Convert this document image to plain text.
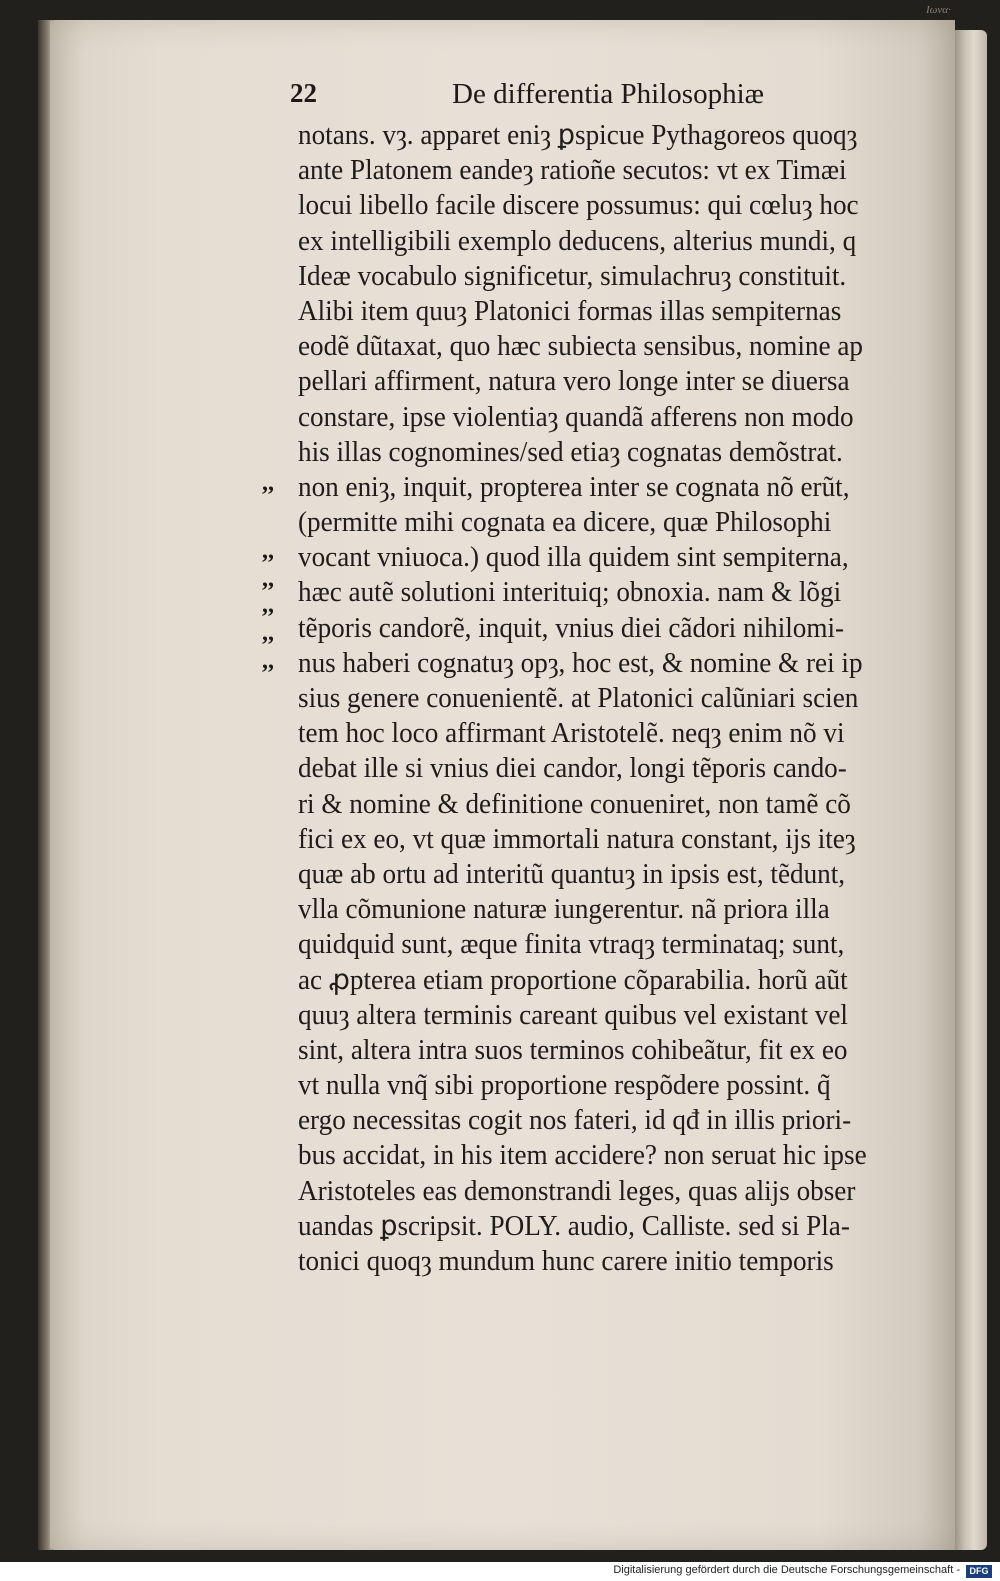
Ιωνα·
22	De differentia Philosophiæ
,,
,,
,,
,,
,,
,,
notans. vȝ. apparet eniȝ ꝑspicue Pythagoreos quoqȝ
ante Platonem eandeȝ ratioñe secutos: vt ex Timæi
locui libello facile discere possumus: qui cœluȝ hoc
ex intelligibili exemplo deducens, alterius mundi, q
Ideæ vocabulo significetur, simulachruȝ constituit.
Alibi item quuȝ Platonici formas illas sempiternas
eodẽ dũtaxat, quo hæc subiecta sensibus, nomine ap
pellari affirment, natura vero longe inter se diuersa
constare, ipse violentiaȝ quandã afferens non modo
his illas cognomines/sed etiaȝ cognatas demõstrat.
non eniȝ, inquit, propterea inter se cognata nõ erũt,
(permitte mihi cognata ea dicere, quæ Philosophi
vocant vniuoca.) quod illa quidem sint sempiterna,
hæc autẽ solutioni interituiq; obnoxia. nam & lõgi
tẽporis candorẽ, inquit, vnius diei cãdori nihilomi-
nus haberi cognatuȝ opȝ, hoc est, & nomine & rei ip
sius genere conuenientẽ. at Platonici calũniari scien
tem hoc loco affirmant Aristotelẽ. neqȝ enim nõ vi
debat ille si vnius diei candor, longi tẽporis cando-
ri & nomine & definitione conueniret, non tamẽ cõ
fici ex eo, vt quæ immortali natura constant, ijs iteȝ
quæ ab ortu ad interitũ quantuȝ in ipsis est, tẽdunt,
vlla cõmunione naturæ iungerentur. nã priora illa
quidquid sunt, æque finita vtraqȝ terminataq; sunt,
ac ꝓpterea etiam proportione cõparabilia. horũ aũt
quuȝ altera terminis careant quibus vel existant vel
sint, altera intra suos terminos cohibeãtur, fit ex eo
vt nulla vnq̃ sibi proportione respõdere possint. q̃
ergo necessitas cogit nos fateri, id qđ in illis priori-
bus accidat, in his item accidere? non seruat hic ipse
Aristoteles eas demonstrandi leges, quas alijs obser
uandas ꝑscripsit. POLY. audio, Calliste. sed si Pla-
tonici quoqȝ mundum hunc carere initio temporis
Digitalisierung gefördert durch die Deutsche Forschungsgemeinschaft -	DFG
